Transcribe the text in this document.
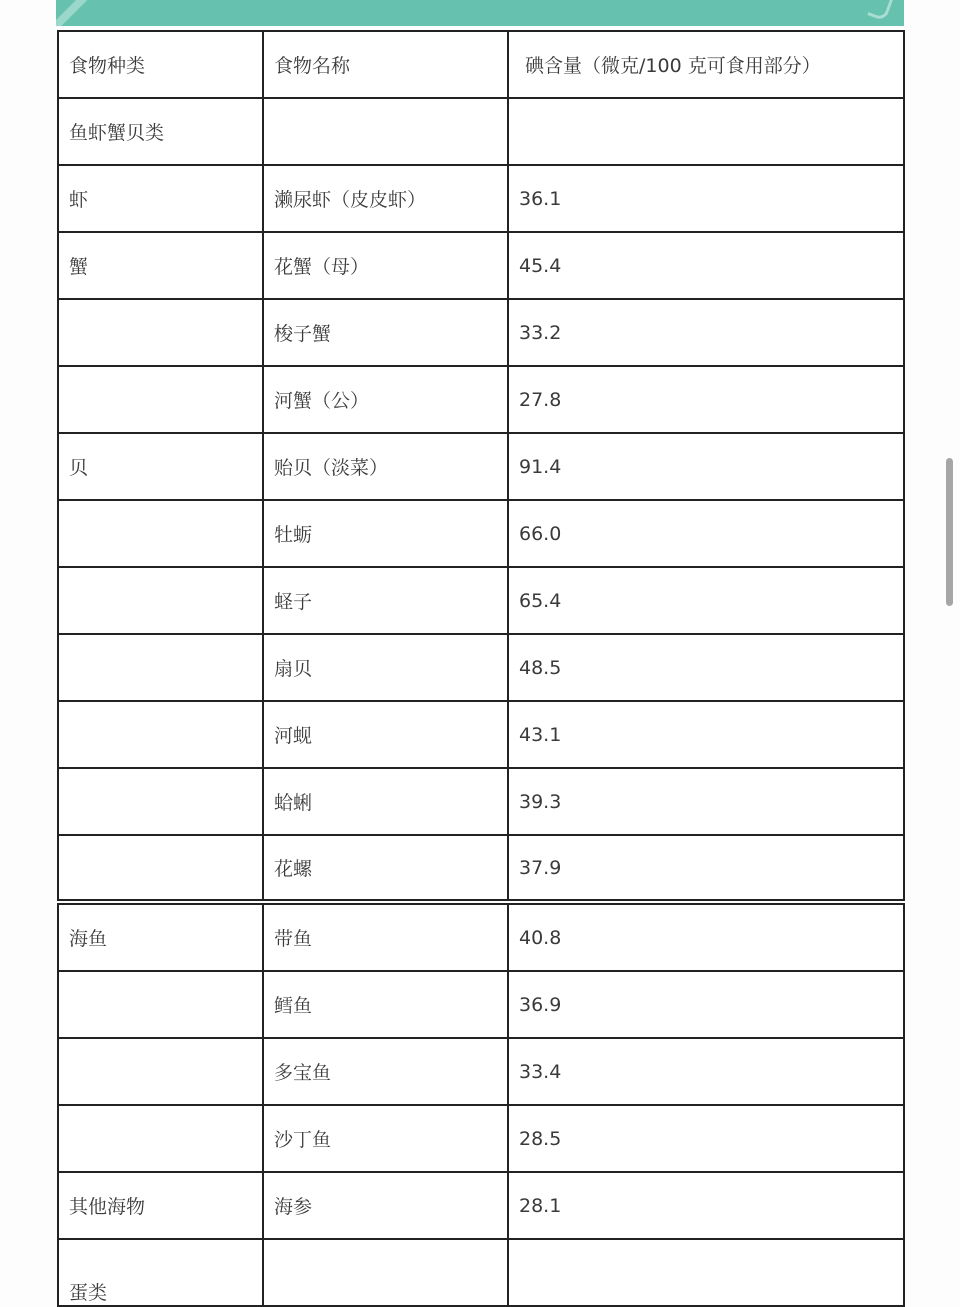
食物种类	食物名称	碘含量（微克/100 克可食用部分）
鱼虾蟹贝类		
虾	濑尿虾（皮皮虾）	36.1
蟹	花蟹（母）	45.4
	梭子蟹	33.2
	河蟹（公）	27.8
贝	贻贝（淡菜）	91.4
	牡蛎	66.0
	蛏子	65.4
	扇贝	48.5
	河蚬	43.1
	蛤蜊	39.3
	花螺	37.9
海鱼	带鱼	40.8
	鳕鱼	36.9
	多宝鱼	33.4
	沙丁鱼	28.5
其他海物	海参	28.1
蛋类		
